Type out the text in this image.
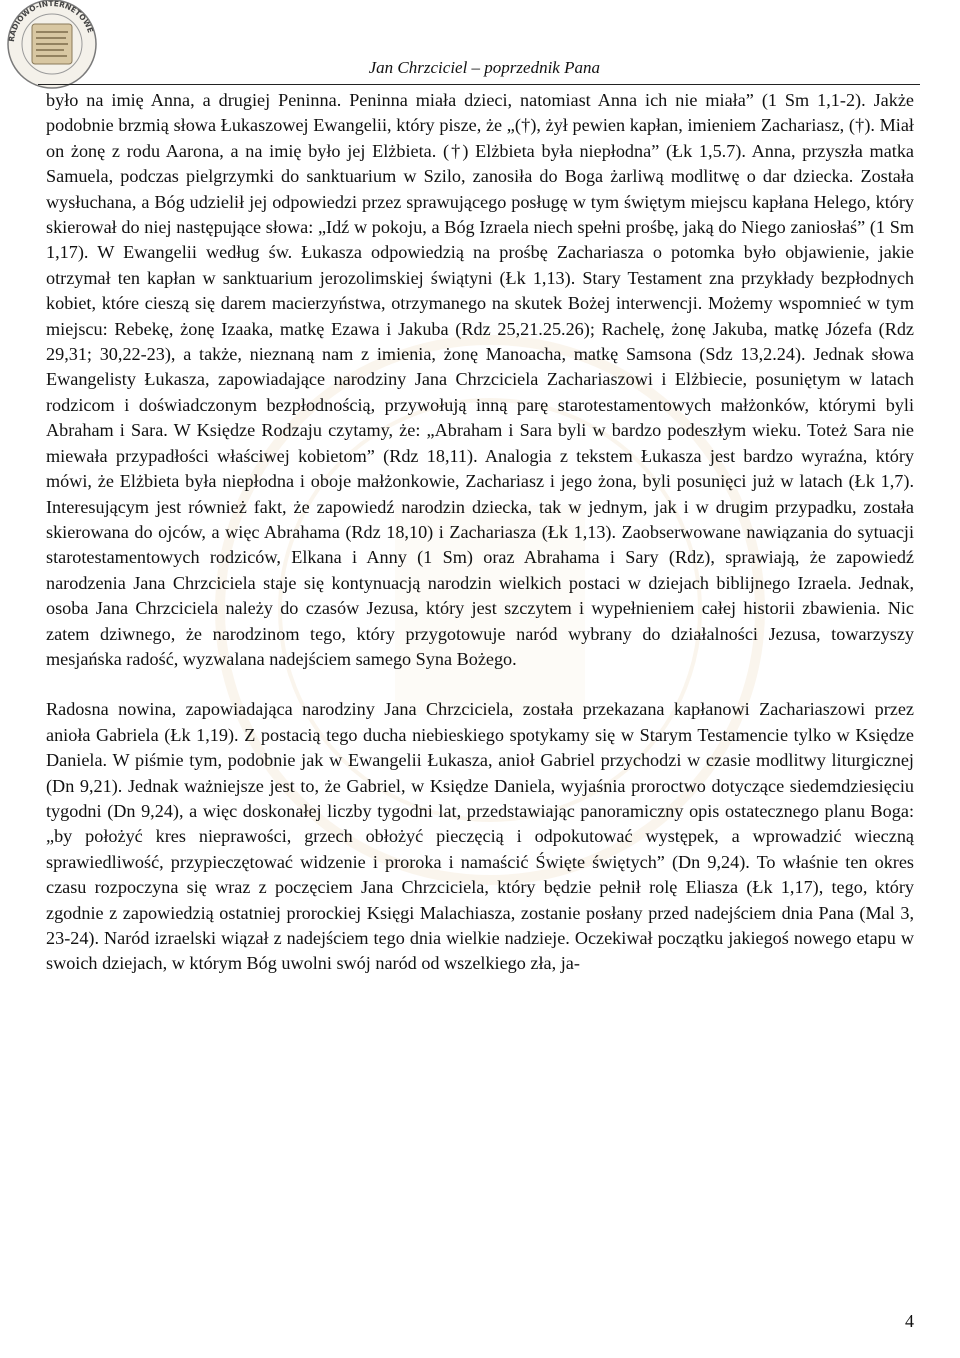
RADIOWO-INTERNETOWE
Jan Chrzciciel – poprzednik Pana

było na imię Anna, a drugiej Peninna. Peninna miała dzieci, natomiast Anna ich nie miała” (1 Sm 1,1-2). Jakże podobnie brzmią słowa Łukaszowej Ewangelii, który pisze, że „(†), żył pewien kapłan, imieniem Zachariasz, (†). Miał on żonę z rodu Aarona, a na imię było jej Elżbieta. (†) Elżbieta była niepłodna” (Łk 1,5.7). Anna, przyszła matka Samuela, podczas pielgrzymki do sanktuarium w Szilo, zanosiła do Boga żarliwą modlitwę o dar dziecka. Została wysłuchana, a Bóg udzielił jej odpowiedzi przez sprawującego posługę w tym świętym miejscu kapłana Helego, który skierował do niej następujące słowa: „Idź w pokoju, a Bóg Izraela niech spełni prośbę, jaką do Niego zaniosłaś” (1 Sm 1,17). W Ewangelii według św. Łukasza odpowiedzią na prośbę Zachariasza o potomka było objawienie, jakie otrzymał ten kapłan w sanktuarium jerozolimskiej świątyni (Łk 1,13). Stary Testament zna przykłady bezpłodnych kobiet, które cieszą się darem macierzyństwa, otrzymanego na skutek Bożej interwencji. Możemy wspomnieć w tym miejscu: Rebekę, żonę Izaaka, matkę Ezawa i Jakuba (Rdz 25,21.25.26); Rachelę, żonę Jakuba, matkę Józefa (Rdz 29,31; 30,22-23), a także, nieznaną nam z imienia, żonę Manoacha, matkę Samsona (Sdz 13,2.24). Jednak słowa Ewangelisty Łukasza, zapowiadające narodziny Jana Chrzciciela Zachariaszowi i Elżbiecie, posuniętym w latach rodzicom i doświadczonym bezpłodnością, przywołują inną parę starotestamentowych małżonków, którymi byli Abraham i Sara. W Księdze Rodzaju czytamy, że: „Abraham i Sara byli w bardzo podeszłym wieku. Toteż Sara nie miewała przypadłości właściwej kobietom” (Rdz 18,11). Analogia z tekstem Łukasza jest bardzo wyraźna, który mówi, że Elżbieta była niepłodna i oboje małżonkowie, Zachariasz i jego żona, byli posunięci już w latach (Łk 1,7). Interesującym jest również fakt, że zapowiedź narodzin dziecka, tak w jednym, jak i w drugim przypadku, została skierowana do ojców, a więc Abrahama (Rdz 18,10) i Zachariasza (Łk 1,13). Zaobserwowane nawiązania do sytuacji starotestamentowych rodziców, Elkana i Anny (1 Sm) oraz Abrahama i Sary (Rdz), sprawiają, że zapowiedź narodzenia Jana Chrzciciela staje się kontynuacją narodzin wielkich postaci w dziejach biblijnego Izraela. Jednak, osoba Jana Chrzciciela należy do czasów Jezusa, który jest szczytem i wypełnieniem całej historii zbawienia. Nic zatem dziwnego, że narodzinom tego, który przygotowuje naród wybrany do działalności Jezusa, towarzyszy mesjańska radość, wyzwalana nadejściem samego Syna Bożego.

Radosna nowina, zapowiadająca narodziny Jana Chrzciciela, została przekazana kapłanowi Zachariaszowi przez anioła Gabriela (Łk 1,19). Z postacią tego ducha niebieskiego spotykamy się w Starym Testamencie tylko w Księdze Daniela. W piśmie tym, podobnie jak w Ewangelii Łukasza, anioł Gabriel przychodzi w czasie modlitwy liturgicznej (Dn 9,21). Jednak ważniejsze jest to, że Gabriel, w Księdze Daniela, wyjaśnia proroctwo dotyczące siedemdziesięciu tygodni (Dn 9,24), a więc doskonałej liczby tygodni lat, przedstawiając panoramiczny opis ostatecznego planu Boga: „by położyć kres nieprawości, grzech obłożyć pieczęcią i odpokutować występek, a wprowadzić wieczną sprawiedliwość, przypieczętować widzenie i proroka i namaścić Święte świętych” (Dn 9,24). To właśnie ten okres czasu rozpoczyna się wraz z poczęciem Jana Chrzciciela, który będzie pełnił rolę Eliasza (Łk 1,17), tego, który zgodnie z zapowiedzią ostatniej prorockiej Księgi Malachiasza, zostanie posłany przed nadejściem dnia Pana (Mal 3, 23-24). Naród izraelski wiązał z nadejściem tego dnia wielkie nadzieje. Oczekiwał początku jakiegoś nowego etapu w swoich dziejach, w którym Bóg uwolni swój naród od wszelkiego zła, ja-

4
